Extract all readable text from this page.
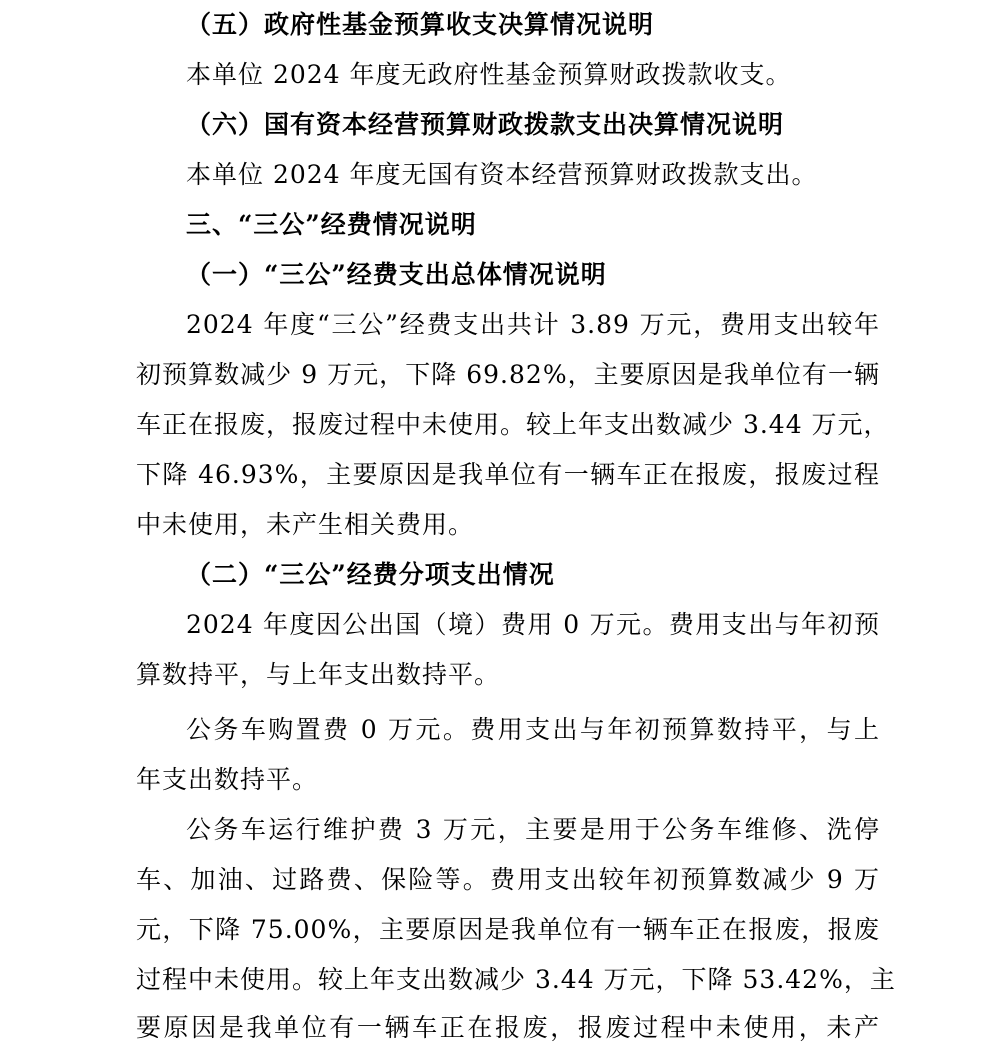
（五）政府性基金预算收支决算情况说明

本单位 2024 年度无政府性基金预算财政拨款收支。

（六）国有资本经营预算财政拨款支出决算情况说明

本单位 2024 年度无国有资本经营预算财政拨款支出。

三、“三公”经费情况说明

（一）“三公”经费支出总体情况说明

2024 年度“三公”经费支出共计 3.89 万元，费用支出较年

初预算数减少 9 万元，下降 69.82%，主要原因是我单位有一辆

车正在报废，报废过程中未使用。较上年支出数减少 3.44 万元，

下降 46.93%，主要原因是我单位有一辆车正在报废，报废过程

中未使用，未产生相关费用。

（二）“三公”经费分项支出情况

2024 年度因公出国（境）费用 0 万元。费用支出与年初预

算数持平，与上年支出数持平。

公务车购置费 0 万元。费用支出与年初预算数持平，与上

年支出数持平。

公务车运行维护费 3 万元，主要是用于公务车维修、洗停

车、加油、过路费、保险等。费用支出较年初预算数减少 9 万

元，下降 75.00%，主要原因是我单位有一辆车正在报废，报废

过程中未使用。较上年支出数减少 3.44 万元，下降 53.42%，主

要原因是我单位有一辆车正在报废，报废过程中未使用，未产
